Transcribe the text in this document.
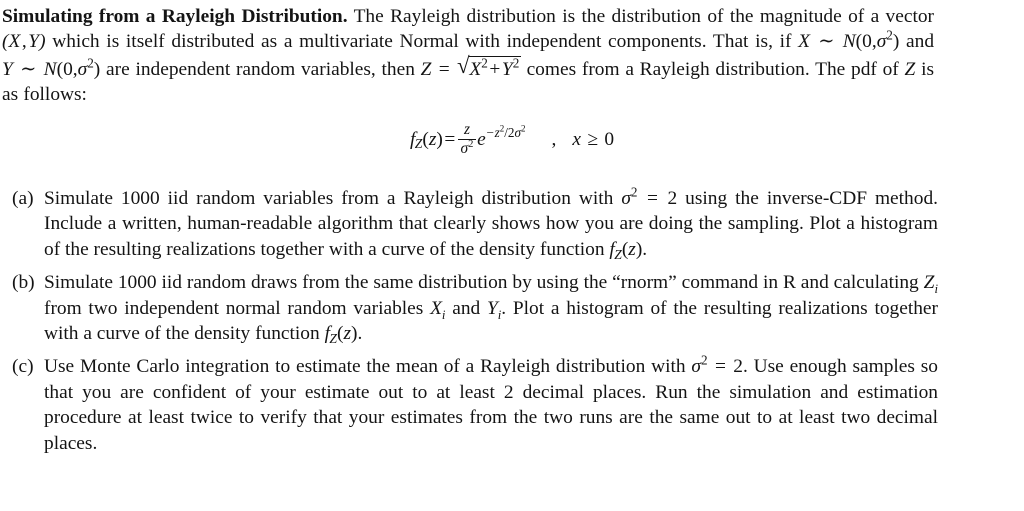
Simulating from a Rayleigh Distribution. The Rayleigh distribution is the distribution of the magnitude of a vector (X,Y) which is itself distributed as a multivariate Normal with independent components. That is, if X ∼ $N(0,\sigma^2)$ and Y ∼ $N(0,\sigma^2)$ are independent random variables, then Z = √ $X^2+Y^2$ comes from a Rayleigh distribution. The pdf of Z is as follows:

$f_Z(z) = \frac{z}{\sigma^2} e^{-z^2/2\sigma^2}$ , x ≥ 0
(a) Simulate 1000 iid random variables from a Rayleigh distribution with $\sigma^2 = 2$ using the inverse-CDF method. Include a written, human-readable algorithm that clearly shows how you are doing the sampling. Plot a histogram of the resulting realizations together with a curve of the density function $f_Z(z)$.
(b) Simulate 1000 iid random draws from the same distribution by using the “rnorm” command in R and calculating $Z_i$ from two independent normal random variables $X_i$ and $Y_i$. Plot a histogram of the resulting realizations together with a curve of the density function $f_Z(z)$.
(c) Use Monte Carlo integration to estimate the mean of a Rayleigh distribution with $\sigma^2 = 2$. Use enough samples so that you are confident of your estimate out to at least 2 decimal places. Run the simulation and estimation procedure at least twice to verify that your estimates from the two runs are the same out to at least two decimal places.
